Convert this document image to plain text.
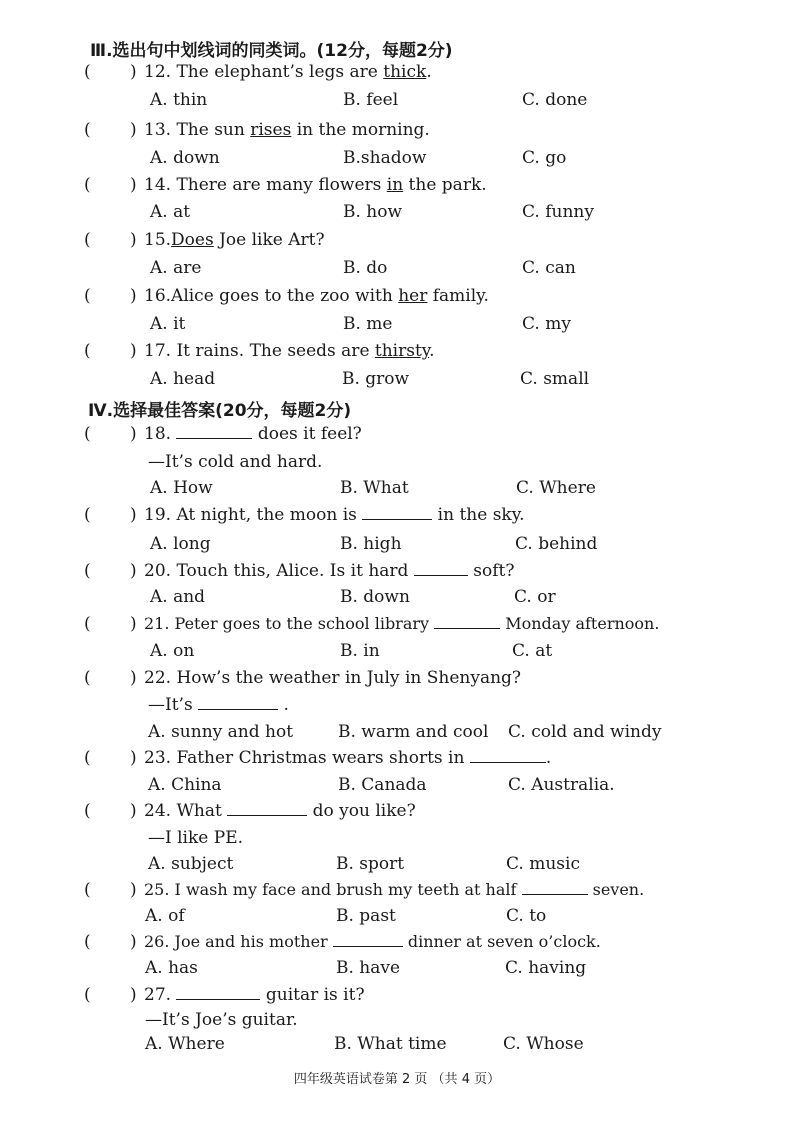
Ⅲ.选出句中划线词的同类词。(12分，每题2分)
( ) 12. The elephant’s legs are thick.
A. thin	B. feel	C. done
( ) 13. The sun rises in the morning.
A. down	B.shadow	C. go
( ) 14. There are many flowers in the park.
A. at	B. how	C. funny
( ) 15.Does Joe like Art?
A. are	B. do	C. can
( ) 16.Alice goes to the zoo with her family.
A. it	B. me	C. my
( ) 17. It rains. The seeds are thirsty.
A. head	B. grow	C. small
Ⅳ.选择最佳答案(20分，每题2分)
( ) 18.	does it feel?
—It’s cold and hard.
A. How	B. What	C. Where
( ) 19. At night, the moon is	in the sky.
A. long	B. high	C. behind
( ) 20. Touch this, Alice. Is it hard	soft?
A. and	B. down	C. or
( ) 21. Peter goes to the school library	Monday afternoon.
A. on	B. in	C. at
( ) 22. How’s the weather in July in Shenyang?
—It’s	.
A. sunny and hot	B. warm and cool C. cold and windy
( ) 23. Father Christmas wears shorts in	.
A. China	B. Canada	C. Australia.
( ) 24. What	do you like?
—I like PE.
A. subject	B. sport	C. music
( ) 25. I wash my face and brush my teeth at half	seven.
A. of	B. past	C. to
( ) 26. Joe and his mother	dinner at seven o’clock.
A. has	B. have	C. having
( ) 27.	guitar is it?
—It’s Joe’s guitar.
A. Where	B. What time	C. Whose
四年级英语试卷第 2 页 （共 4 页）
